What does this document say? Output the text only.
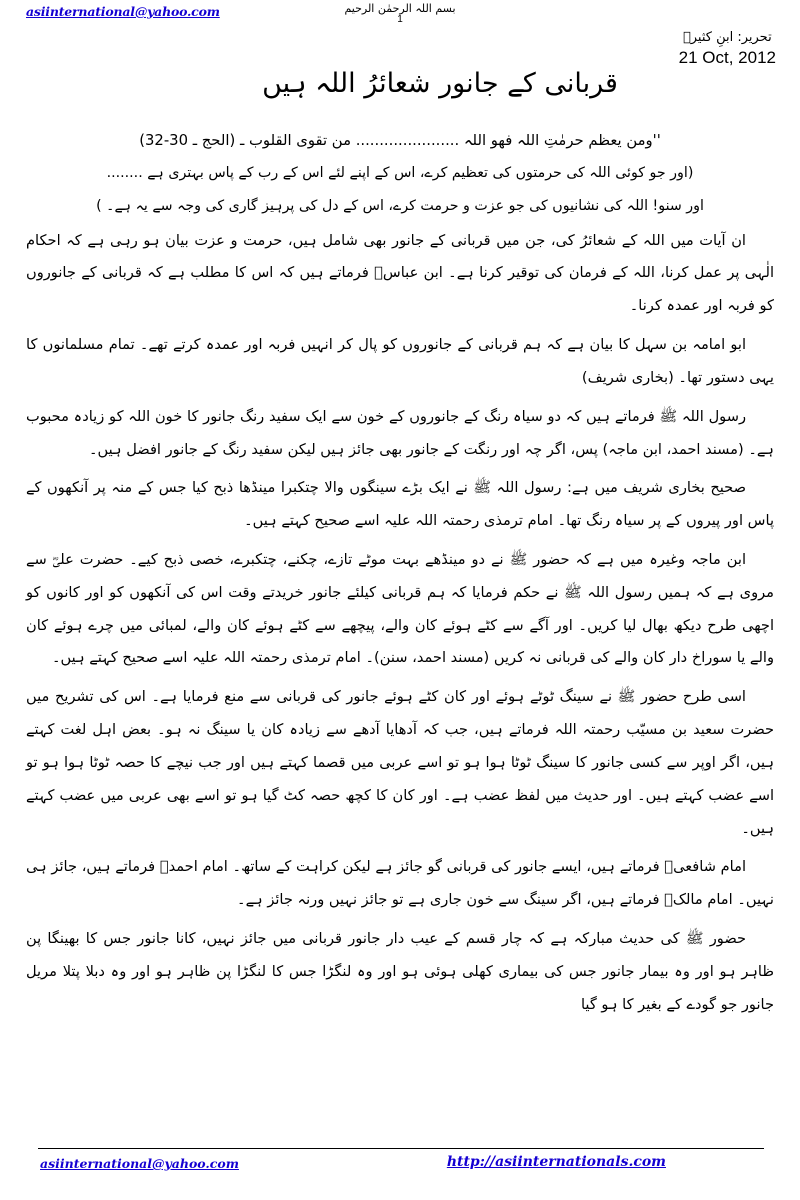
asiinternational@yahoo.com	بسم اللہ الرحمٰن الرحیم
1
تحریر: ابنِ کثیرؒ
21 Oct, 2012
قربانی کے جانور شعائرُ اللہ ہیں

''ومن یعظم حرمٰتِ اللہ فھو اللہ ...................... من تقوی القلوب ـ (الحج ـ 30-32)

(اور جو کوئی اللہ کی حرمتوں کی تعظیم کرے، اس کے اپنے لئے اس کے رب کے پاس بہتری ہے ........

اور سنو! اللہ کی نشانیوں کی جو عزت و حرمت کرے، اس کے دل کی پرہیز گاری کی وجہ سے یہ ہے۔ )

ان آیات میں اللہ کے شعائرُ کی، جن میں قربانی کے جانور بھی شامل ہیں، حرمت و عزت بیان ہو رہی ہے کہ احکام الٰہی پر عمل کرنا، اللہ کے فرمان کی توقیر کرنا ہے۔ ابن عباسؓ فرماتے ہیں کہ اس کا مطلب ہے کہ قربانی کے جانوروں کو فربہ اور عمدہ کرنا۔

ابو امامہ بن سہل کا بیان ہے کہ ہم قربانی کے جانوروں کو پال کر انہیں فربہ اور عمدہ کرتے تھے۔ تمام مسلمانوں کا یہی دستور تھا۔ (بخاری شریف)

رسول اللہ ﷺ فرماتے ہیں کہ دو سیاہ رنگ کے جانوروں کے خون سے ایک سفید رنگ جانور کا خون اللہ کو زیادہ محبوب ہے۔ (مسند احمد، ابن ماجہ) پس، اگر چہ اور رنگت کے جانور بھی جائز ہیں لیکن سفید رنگ کے جانور افضل ہیں۔

صحیح بخاری شریف میں ہے: رسول اللہ ﷺ نے ایک بڑے سینگوں والا چتکبرا مینڈھا ذبح کیا جس کے منہ پر آنکھوں کے پاس اور پیروں کے پر سیاہ رنگ تھا۔ امام ترمذی رحمتہ اللہ علیہ اسے صحیح کہتے ہیں۔

ابن ماجہ وغیرہ میں ہے کہ حضور ﷺ نے دو مینڈھے بہت موٹے تازے، چکنے، چتکبرے، خصی ذبح کیے۔ حضرت علیؓ سے مروی ہے کہ ہمیں رسول اللہ ﷺ نے حکم فرمایا کہ ہم قربانی کیلئے جانور خریدتے وقت اس کی آنکھوں کو اور کانوں کو اچھی طرح دیکھ بھال لیا کریں۔ اور آگے سے کٹے ہوئے کان والے، پیچھے سے کٹے ہوئے کان والے، لمبائی میں چرے ہوئے کان والے یا سوراخ دار کان والے کی قربانی نہ کریں (مسند احمد، سنن)۔ امام ترمذی رحمتہ اللہ علیہ اسے صحیح کہتے ہیں۔

اسی طرح حضور ﷺ نے سینگ ٹوٹے ہوئے اور کان کٹے ہوئے جانور کی قربانی سے منع فرمایا ہے۔ اس کی تشریح میں حضرت سعید بن مسیّب رحمتہ اللہ فرماتے ہیں، جب کہ آدھایا آدھے سے زیادہ کان یا سینگ نہ ہو۔ بعض اہل لغت کہتے ہیں، اگر اوپر سے کسی جانور کا سینگ ٹوٹا ہوا ہو تو اسے عربی میں قصما کہتے ہیں اور جب نیچے کا حصہ ٹوٹا ہوا ہو تو اسے عضب کہتے ہیں۔ اور حدیث میں لفظ عضب ہے۔ اور کان کا کچھ حصہ کٹ گیا ہو تو اسے بھی عربی میں عضب کہتے ہیں۔

امام شافعیؒ فرماتے ہیں، ایسے جانور کی قربانی گو جائز ہے لیکن کراہت کے ساتھ۔ امام احمدؒ فرماتے ہیں، جائز ہی نہیں۔ امام مالکؒ فرماتے ہیں، اگر سینگ سے خون جاری ہے تو جائز نہیں ورنہ جائز ہے۔

حضور ﷺ کی حدیث مبارکہ ہے کہ چار قسم کے عیب دار جانور قربانی میں جائز نہیں، کانا جانور جس کا بھینگا پن ظاہر ہو اور وہ بیمار جانور جس کی بیماری کھلی ہوئی ہو اور وہ لنگڑا جس کا لنگڑا پن ظاہر ہو اور وہ دبلا پتلا مریل جانور جو گودے کے بغیر کا ہو گیا

asiinternational@yahoo.com	http://asiinternationals.com
